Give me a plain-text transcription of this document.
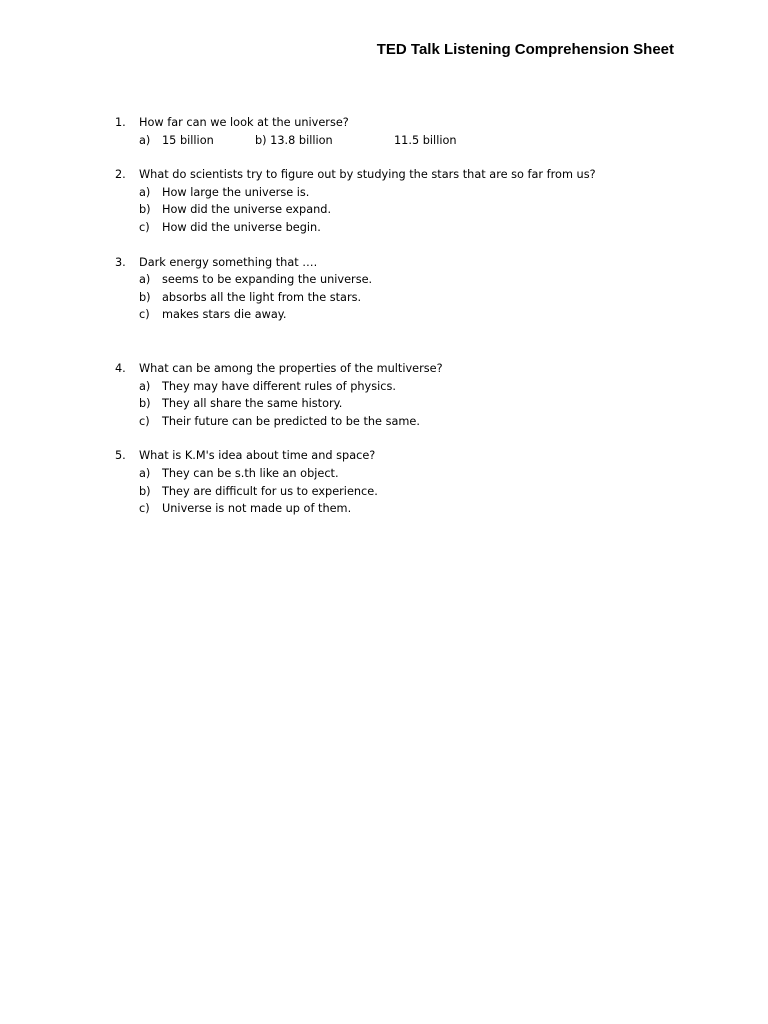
TED Talk Listening Comprehension Sheet
1.	How far can we look at the universe?
a)	15 billion	b) 13.8 billion	11.5 billion
2.	What do scientists try to figure out by studying the stars that are so far from us?
a)	How large the universe is.
b)	How did the universe expand.
c)	How did the universe begin.
3.	Dark energy something that ….
a)	seems to be expanding the universe.
b)	absorbs all the light from the stars.
c)	makes stars die away.
4.	What can be among the properties of the multiverse?
a)	They may have different rules of physics.
b)	They all share the same history.
c)	Their future can be predicted to be the same.
5.	What is K.M's idea about time and space?
a)	They can be s.th like an object.
b)	They are difficult for us to experience.
c)	Universe is not made up of them.
